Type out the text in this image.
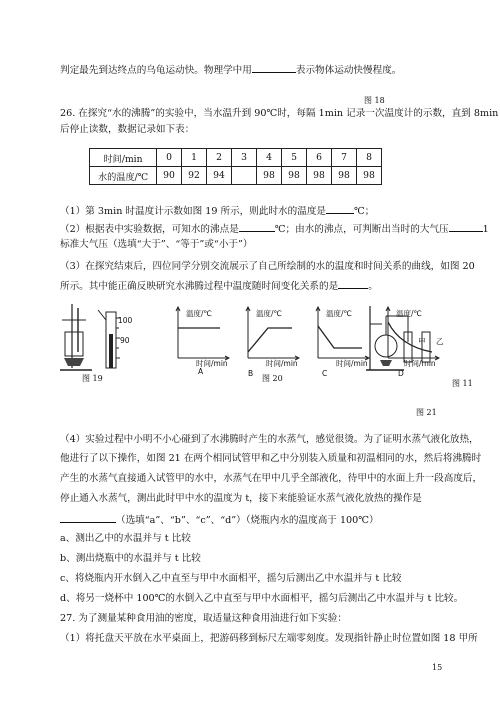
判定最先到达终点的乌龟运动快。物理学中用	表示物体运动快慢程度。
图 18
26. 在探究“水的沸腾”的实验中，当水温升到 90℃时，每隔 1min 记录一次温度计的示数，直到 8min
后停止读数，数据记录如下表：
时间/min	0	1	2	3	4	5	6	7	8
水的温度/℃	90	92	94		98	98	98	98	98
（1）第 3min 时温度计示数如图 19 所示，则此时水的温度是	℃；
（2）根据表中实验数据，可知水的沸点是	℃；由水的沸点，可判断出当时的大气压	1
标准大气压（选填“大于”、“等于”或“小于”）
（3）在探究结束后，四位同学分别交流展示了自己所绘制的水的温度和时间关系的曲线，如图 20
所示。其中能正确反映研究水沸腾过程中温度随时间变化关系的是	。
100
90
图 19
温度/℃
时间/min
A
温度/℃
时间/min
B
图 20
温度/℃
时间/min
C
温度/℃
时间/min
D
甲 乙
图 11
图 21
（4）实验过程中小明不小心碰到了水沸腾时产生的水蒸气，感觉很烫。为了证明水蒸气液化放热，
他进行了以下操作，如图 21 在两个相同试管甲和乙中分别装入质量和初温相同的水，然后将沸腾时
产生的水蒸气直接通入试管甲的水中，水蒸气在甲中几乎全部液化，待甲中的水面上升一段高度后，
停止通入水蒸气，测出此时甲中水的温度为 t，接下来能验证水蒸气液化放热的操作是
（选填“a”、“b”、“c”、“d”）（烧瓶内水的温度高于 100℃）
a、测出乙中的水温并与 t 比较
b、测出烧瓶中的水温并与 t 比较
c、将烧瓶内开水倒入乙中直至与甲中水面相平，摇匀后测出乙中水温并与 t 比较
d、将另一烧杯中 100℃的水倒入乙中直至与甲中水面相平，摇匀后测出乙中水温并与 t 比较。
27. 为了测量某种食用油的密度，取适量这种食用油进行如下实验：
（1）将托盘天平放在水平桌面上，把游码移到标尺左端零刻度。发现指针静止时位置如图 18 甲所
15
